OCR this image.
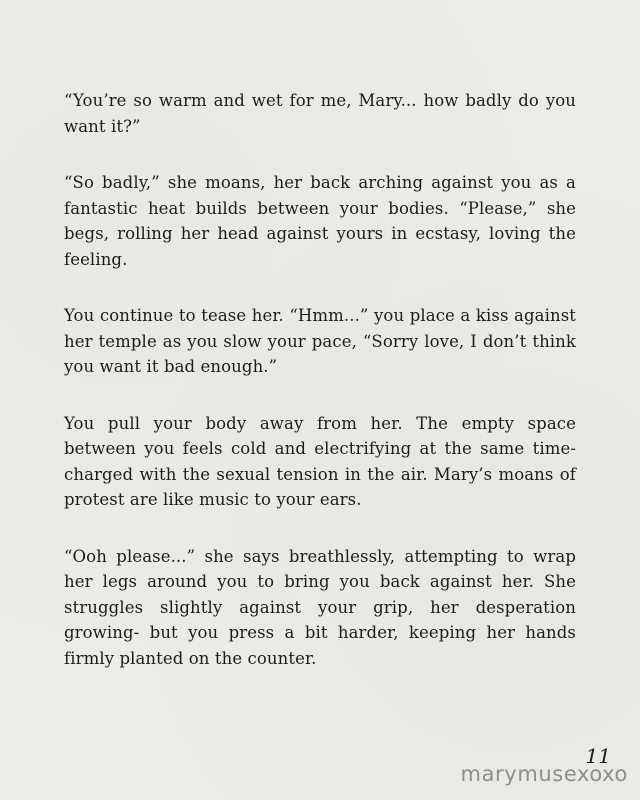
“You’re so warm and wet for me, Mary... how badly do you want it?”

“So badly,” she moans, her back arching against you as a fantastic heat builds between your bodies. “Please,” she begs, rolling her head against yours in ecstasy, loving the feeling.

You continue to tease her. “Hmm...” you place a kiss against her temple as you slow your pace, “Sorry love, I don’t think you want it bad enough.”

You pull your body away from her. The empty space between you feels cold and electrifying at the same time- charged with the sexual tension in the air. Mary’s moans of protest are like music to your ears.

“Ooh please...” she says breathlessly, attempting to wrap her legs around you to bring you back against her. She struggles slightly against your grip, her desperation growing- but you press a bit harder, keeping her hands firmly planted on the counter.

11
marymusexoxo
